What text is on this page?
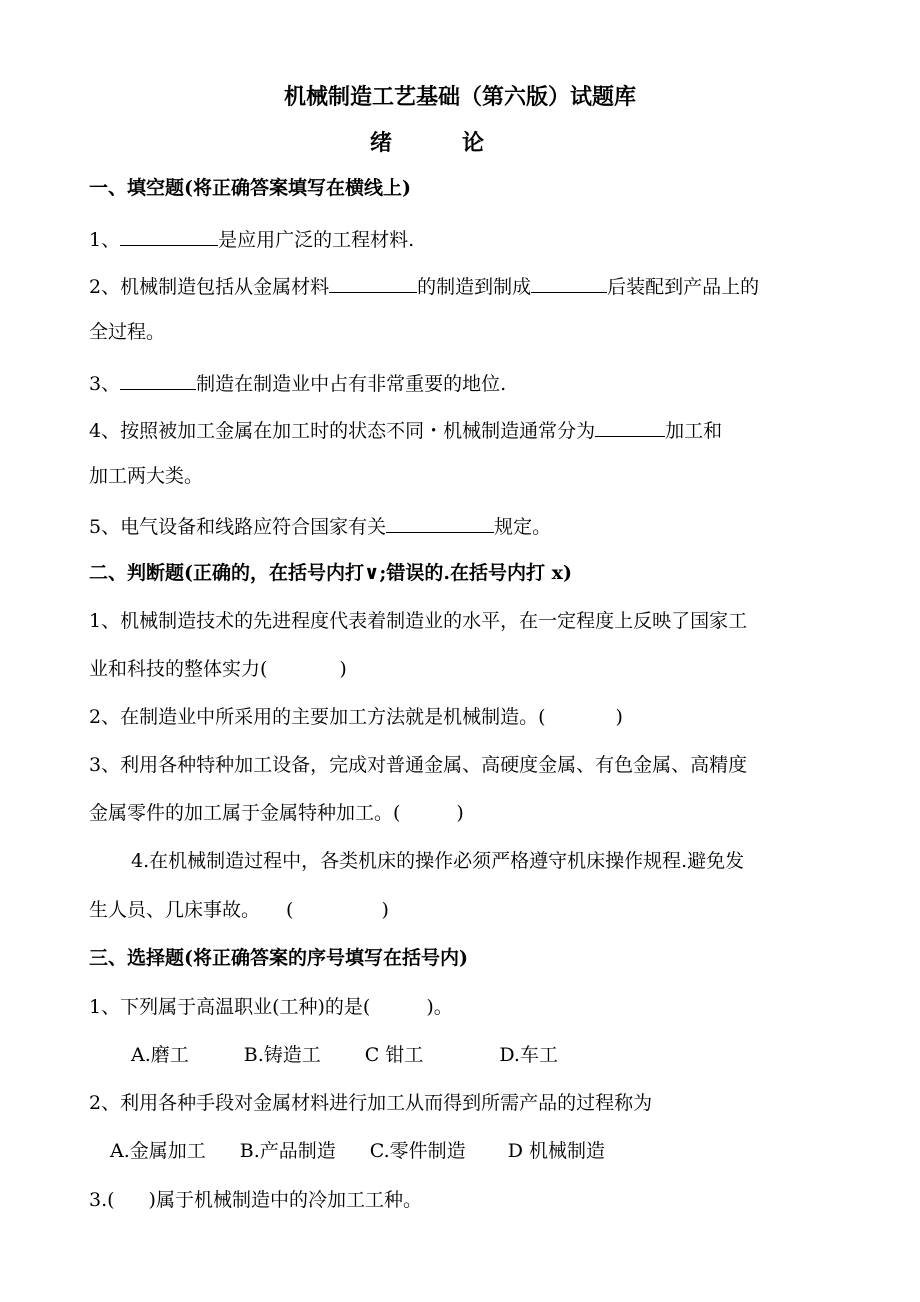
机械制造工艺基础（第六版）试题库
绪	论
一、填空题(将正确答案填写在横线上)
1、	是应用广泛的工程材料.
2、机械制造包括从金属材料	的制造到制成	后装配到产品上的
全过程。
3、	制造在制造业中占有非常重要的地位.
4、按照被加工金属在加工时的状态不同・机械制造通常分为	加工和
加工两大类。
5、电气设备和线路应符合国家有关	规定。
二、判断题(正确的，在括号内打∨;错误的.在括号内打 x)
1、机械制造技术的先进程度代表着制造业的水平，在一定程度上反映了国家工
业和科技的整体实力(	)
2、在制造业中所采用的主要加工方法就是机械制造。(	)
3、利用各种特种加工设备，完成对普通金属、高硬度金属、有色金属、高精度
金属零件的加工属于金属特种加工。(	)
4.在机械制造过程中，各类机床的操作必须严格遵守机床操作规程.避免发
生人员、几床事故。 (	)
三、选择题(将正确答案的序号填写在括号内)
1、下列属于高温职业(工种)的是(	)。
A.磨工	B.铸造工 C 钳工	D.车工
2、利用各种手段对金属材料进行加工从而得到所需产品的过程称为
A.金属加工 B.产品制造 C.零件制造 D 机械制造
3.( )属于机械制造中的冷加工工种。
